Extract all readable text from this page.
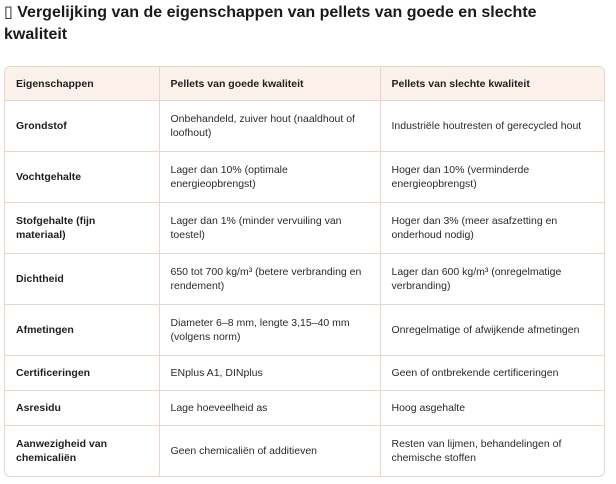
▯ Vergelijking van de eigenschappen van pellets van goede en slechte kwaliteit
Eigenschappen	Pellets van goede kwaliteit	Pellets van slechte kwaliteit
Grondstof	Onbehandeld, zuiver hout (naaldhout of loofhout)	Industriële houtresten of gerecycled hout
Vochtgehalte	Lager dan 10% (optimale energieopbrengst)	Hoger dan 10% (verminderde energieopbrengst)
Stofgehalte (fijn materiaal)	Lager dan 1% (minder vervuiling van toestel)	Hoger dan 3% (meer asafzetting en onderhoud nodig)
Dichtheid	650 tot 700 kg/m³ (betere verbranding en rendement)	Lager dan 600 kg/m³ (onregelmatige verbranding)
Afmetingen	Diameter 6–8 mm, lengte 3,15–40 mm (volgens norm)	Onregelmatige of afwijkende afmetingen
Certificeringen	ENplus A1, DINplus	Geen of ontbrekende certificeringen
Asresidu	Lage hoeveelheid as	Hoog asgehalte
Aanwezigheid van chemicaliën	Geen chemicaliën of additieven	Resten van lijmen, behandelingen of chemische stoffen
